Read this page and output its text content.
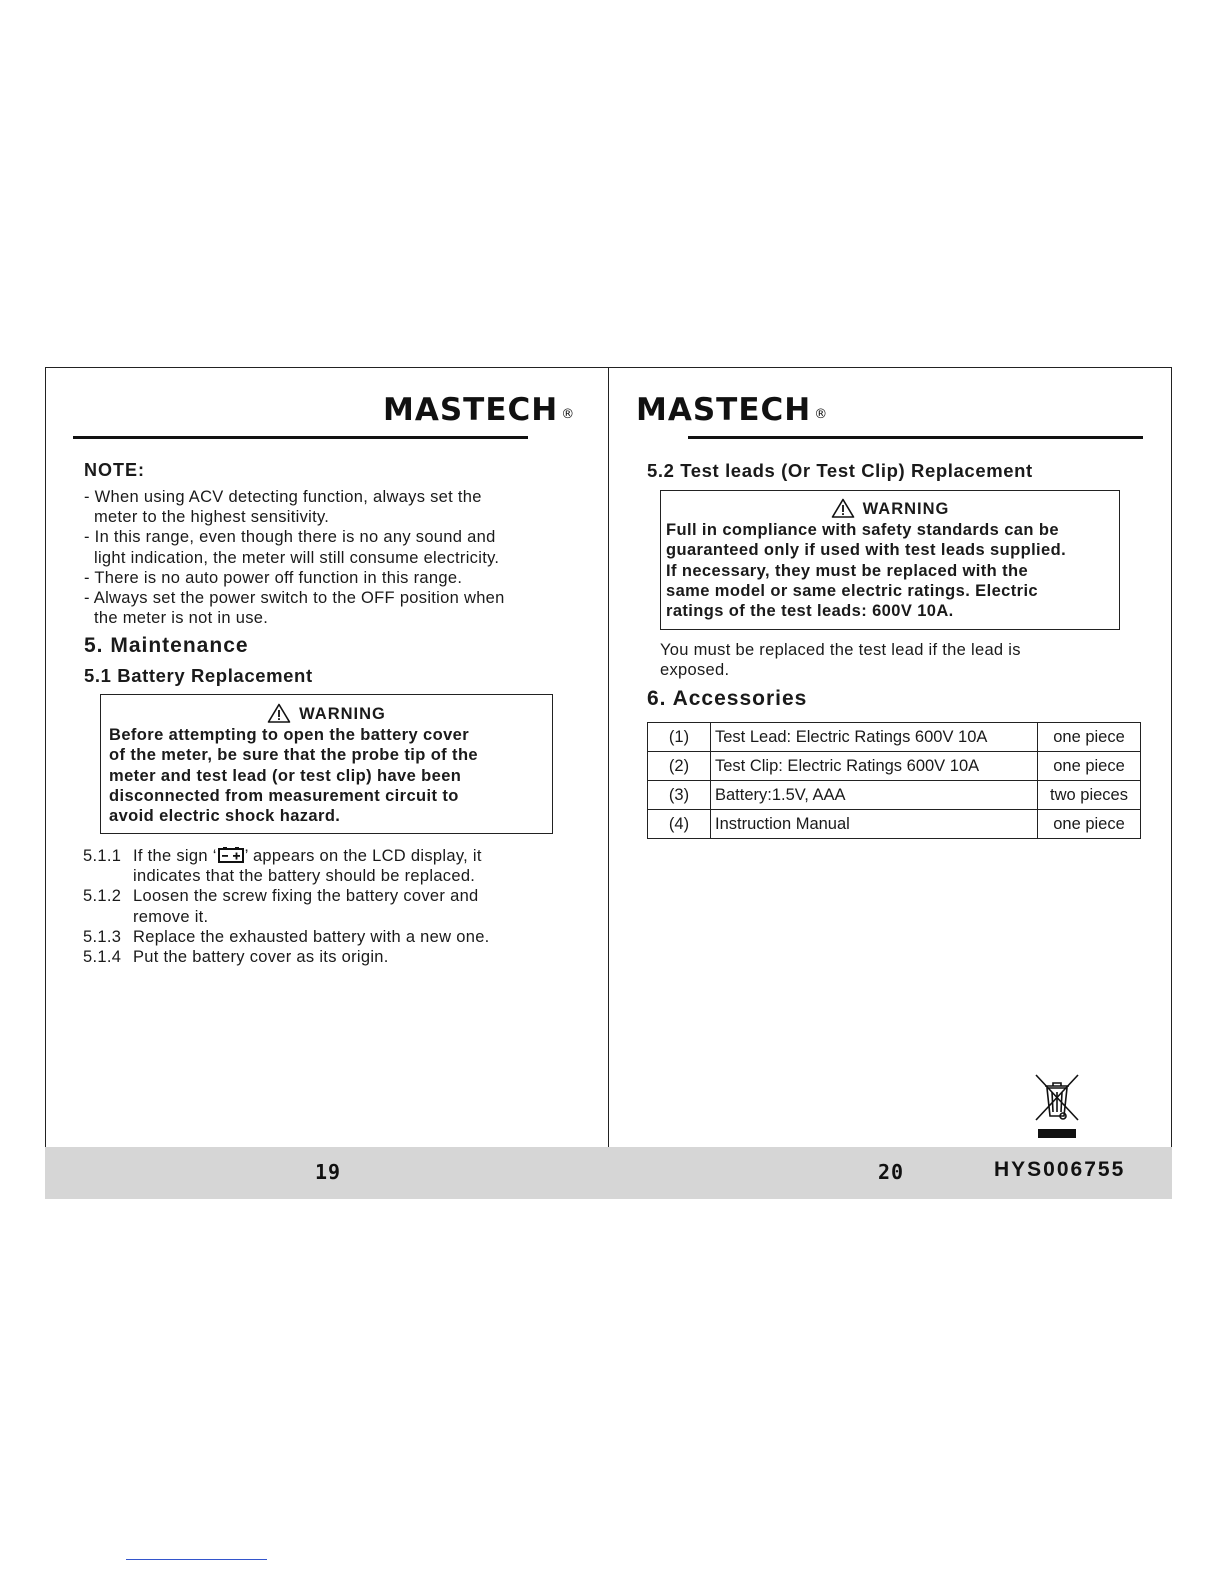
MASTECH ®
NOTE:
- When using ACV detecting function, always set the
meter to the highest sensitivity.
- In this range, even though there is no any sound and
light indication, the meter will still consume electricity.
- There is no auto power off function in this range.
- Always set the power switch to the OFF position when
the meter is not in use.
5. Maintenance
5.1 Battery Replacement
WARNING
Before attempting to open the battery cover
of the meter, be sure that the probe tip of the
meter and test lead (or test clip) have been
disconnected from measurement circuit to
avoid electric shock hazard.
5.1.1 If the sign ‘ ’ appears on the LCD display, it
indicates that the battery should be replaced.
5.1.2 Loosen the screw fixing the battery cover and
remove it.
5.1.3 Replace the exhausted battery with a new one.
5.1.4 Put the battery cover as its origin.
MASTECH ®
5.2 Test leads (Or Test Clip) Replacement
WARNING
Full in compliance with safety standards can be
guaranteed only if used with test leads supplied.
If necessary, they must be replaced with the
same model or same electric ratings. Electric
ratings of the test leads: 600V 10A.
You must be replaced the test lead if the lead is
exposed.
6. Accessories
(1)	Test Lead: Electric Ratings 600V 10A	one piece
(2)	Test Clip: Electric Ratings 600V 10A	one piece
(3)	Battery:1.5V, AAA	two pieces
(4)	Instruction Manual	one piece
19	20	HYS006755
